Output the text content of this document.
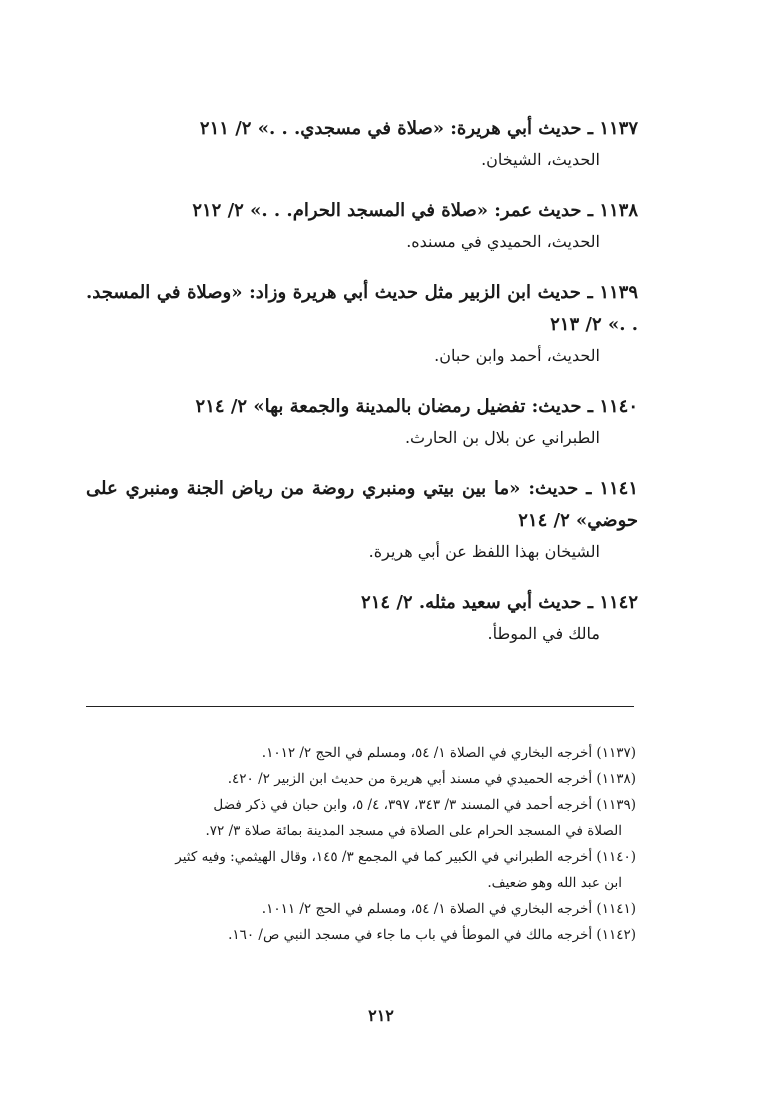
١١٣٧ ـ حديث أبي هريرة: «صلاة في مسجدي. . .» ٢/ ٢١١
الحديث، الشيخان.
١١٣٨ ـ حديث عمر: «صلاة في المسجد الحرام. . .» ٢/ ٢١٢
الحديث، الحميدي في مسنده.
١١٣٩ ـ حديث ابن الزبير مثل حديث أبي هريرة وزاد: «وصلاة في المسجد. . .» ٢/ ٢١٣
الحديث، أحمد وابن حبان.
١١٤٠ ـ حديث: تفضيل رمضان بالمدينة والجمعة بها» ٢/ ٢١٤
الطبراني عن بلال بن الحارث.
١١٤١ ـ حديث: «ما بين بيتي ومنبري روضة من رياض الجنة ومنبري على حوضي» ٢/ ٢١٤
الشيخان بهذا اللفظ عن أبي هريرة.
١١٤٢ ـ حديث أبي سعيد مثله. ٢/ ٢١٤
مالك في الموطأ.
(١١٣٧) أخرجه البخاري في الصلاة ١/ ٥٤، ومسلم في الحج ٢/ ١٠١٢.
(١١٣٨) أخرجه الحميدي في مسند أبي هريرة من حديث ابن الزبير ٢/ ٤٢٠.
(١١٣٩) أخرجه أحمد في المسند ٣/ ٣٤٣، ٣٩٧، ٤/ ٥، وابن حبان في ذكر فضل
الصلاة في المسجد الحرام على الصلاة في مسجد المدينة بمائة صلاة ٣/ ٧٢.
(١١٤٠) أخرجه الطبراني في الكبير كما في المجمع ٣/ ١٤٥، وقال الهيثمي: وفيه كثير
ابن عبد الله وهو ضعيف.
(١١٤١) أخرجه البخاري في الصلاة ١/ ٥٤، ومسلم في الحج ٢/ ١٠١١.
(١١٤٢) أخرجه مالك في الموطأ في باب ما جاء في مسجد النبي ص/ ١٦٠.
٢١٢
